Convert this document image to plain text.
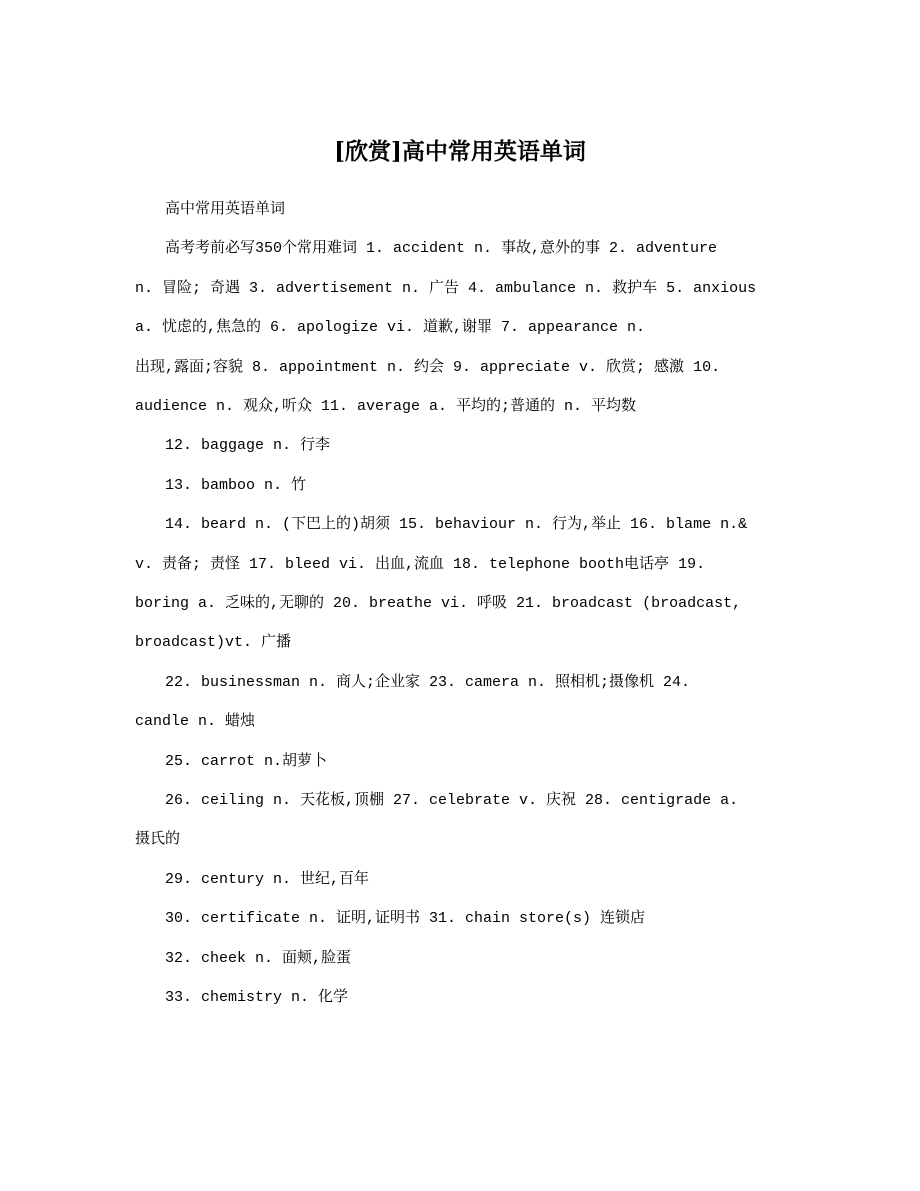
[欣赏]高中常用英语单词
高中常用英语单词
高考考前必写350个常用难词 1. accident n. 事故,意外的事 2. adventure
n. 冒险; 奇遇 3. advertisement n. 广告 4. ambulance n. 救护车 5. anxious
a. 忧虑的,焦急的 6. apologize vi. 道歉,谢罪 7. appearance n.
出现,露面;容貌 8. appointment n. 约会 9. appreciate v. 欣赏; 感激 10.
audience n. 观众,听众 11. average a. 平均的;普通的 n. 平均数
12. baggage n. 行李
13. bamboo n. 竹
14. beard n. (下巴上的)胡须 15. behaviour n. 行为,举止 16. blame n.&
v. 责备; 责怪 17. bleed vi. 出血,流血 18. telephone booth电话亭 19.
boring a. 乏味的,无聊的 20. breathe vi. 呼吸 21. broadcast (broadcast,
broadcast)vt. 广播
22. businessman n. 商人;企业家 23. camera n. 照相机;摄像机 24.
candle n. 蜡烛
25. carrot n.胡萝卜
26. ceiling n. 天花板,顶棚 27. celebrate v. 庆祝 28. centigrade a.
摄氏的
29. century n. 世纪,百年
30. certificate n. 证明,证明书 31. chain store(s) 连锁店
32. cheek n. 面颊,脸蛋
33. chemistry n. 化学
